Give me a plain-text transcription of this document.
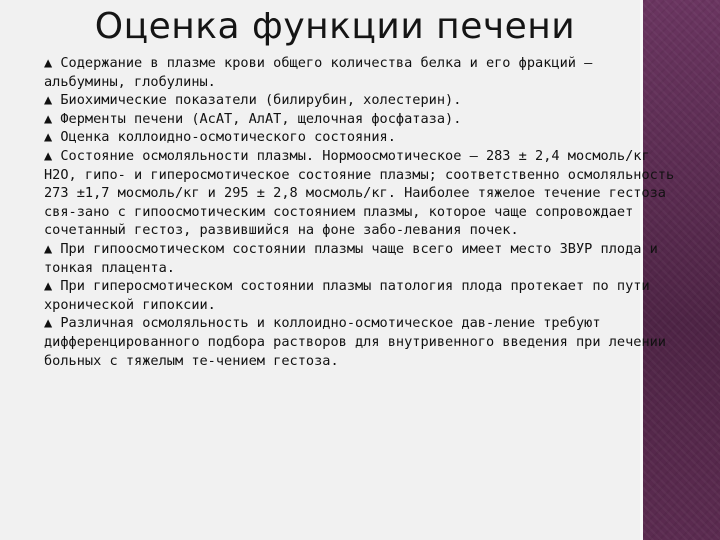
Оценка функции печени

▲ Содержание в плазме крови общего количества белка и его фракций — альбумины, глобулины.

▲ Биохимические показатели (билирубин, холестерин).

▲ Ферменты печени (АсАТ, АлАТ, щелочная фосфатаза).

▲ Оценка коллоидно-осмотического состояния.

▲ Состояние осмоляльности плазмы. Нормоосмотическое — 283 ± 2,4 мосмоль/кг Н2О, гипо- и гиперосмотическое состояние плазмы; соответственно осмоляльность 273 ±1,7 мосмоль/кг и 295 ± 2,8 мосмоль/кг. Наиболее тяжелое течение гестоза свя-зано с гипоосмотическим состоянием плазмы, которое чаще сопровождает сочетанный гестоз, развившийся на фоне забо-левания почек.

▲ При гипоосмотическом состоянии плазмы чаще всего имеет место ЗВУР плода и тонкая плацента.

▲ При гиперосмотическом состоянии плазмы патология плода протекает по пути хронической гипоксии.

▲ Различная осмоляльность и коллоидно-осмотическое дав-ление требуют дифференцированного подбора растворов для внутривенного введения при лечении больных с тяжелым те-чением гестоза.
